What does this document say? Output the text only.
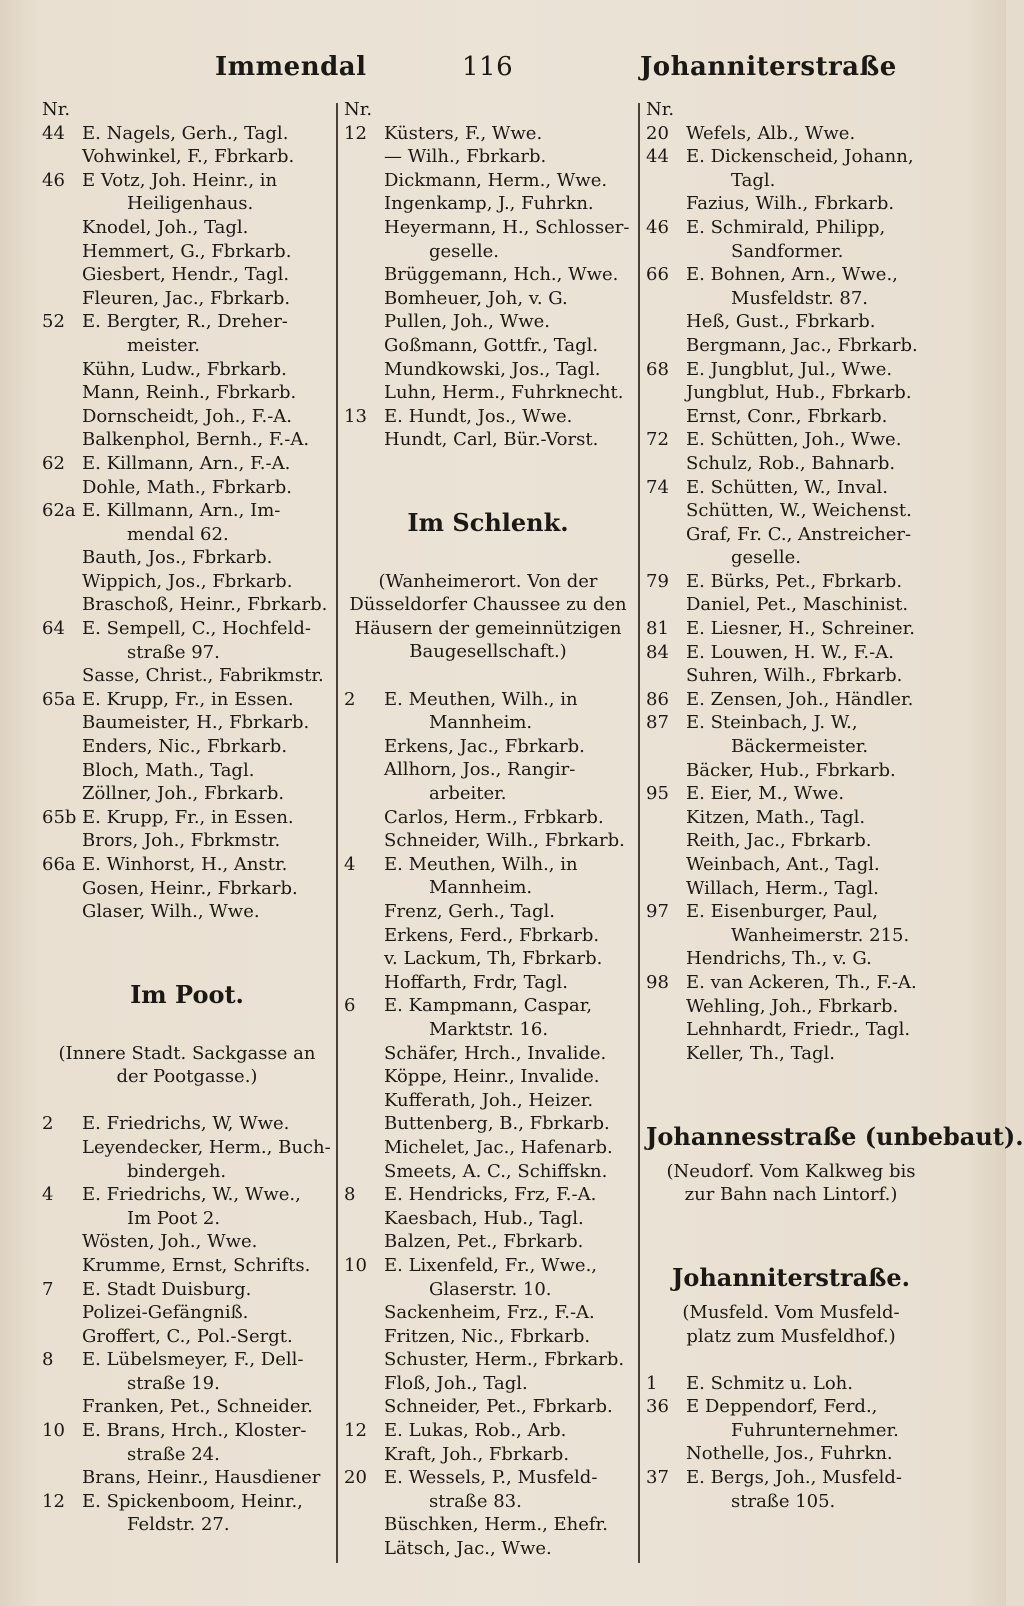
Immendal	116	Johanniterstraße
Nr.
44 E. Nagels, Gerh., Tagl.
Vohwinkel, F., Fbrkarb.
46 E Votz, Joh. Heinr., in
Heiligenhaus.
Knodel, Joh., Tagl.
Hemmert, G., Fbrkarb.
Giesbert, Hendr., Tagl.
Fleuren, Jac., Fbrkarb.
52 E. Bergter, R., Dreher-
meister.
Kühn, Ludw., Fbrkarb.
Mann, Reinh., Fbrkarb.
Dornscheidt, Joh., F.-A.
Balkenphol, Bernh., F.-A.
62 E. Killmann, Arn., F.-A.
Dohle, Math., Fbrkarb.
62a E. Killmann, Arn., Im-
mendal 62.
Bauth, Jos., Fbrkarb.
Wippich, Jos., Fbrkarb.
Braschoß, Heinr., Fbrkarb.
64 E. Sempell, C., Hochfeld-
straße 97.
Sasse, Christ., Fabrikmstr.
65a E. Krupp, Fr., in Essen.
Baumeister, H., Fbrkarb.
Enders, Nic., Fbrkarb.
Bloch, Math., Tagl.
Zöllner, Joh., Fbrkarb.
65b E. Krupp, Fr., in Essen.
Brors, Joh., Fbrkmstr.
66a E. Winhorst, H., Anstr.
Gosen, Heinr., Fbrkarb.
Glaser, Wilh., Wwe.
Im Poot.
(Innere Stadt. Sackgasse an
der Pootgasse.)
2	E. Friedrichs, W, Wwe.
Leyendecker, Herm., Buch-
bindergeh.
4	E. Friedrichs, W., Wwe.,
Im Poot 2.
Wösten, Joh., Wwe.
Krumme, Ernst, Schrifts.
7	E. Stadt Duisburg.
Polizei-Gefängniß.
Groffert, C., Pol.-Sergt.
8	E. Lübelsmeyer, F., Dell-
straße 19.
Franken, Pet., Schneider.
10 E. Brans, Hrch., Kloster-
straße 24.
Brans, Heinr., Hausdiener
12 E. Spickenboom, Heinr.,
Feldstr. 27.
Nr.
12 Küsters, F., Wwe.
— Wilh., Fbrkarb.
Dickmann, Herm., Wwe.
Ingenkamp, J., Fuhrkn.
Heyermann, H., Schlosser-
geselle.
Brüggemann, Hch., Wwe.
Bomheuer, Joh, v. G.
Pullen, Joh., Wwe.
Goßmann, Gottfr., Tagl.
Mundkowski, Jos., Tagl.
Luhn, Herm., Fuhrknecht.
13 E. Hundt, Jos., Wwe.
Hundt, Carl, Bür.-Vorst.
Im Schlenk.
(Wanheimerort. Von der
Düsseldorfer Chaussee zu den
Häusern der gemeinnützigen
Baugesellschaft.)
2	E. Meuthen, Wilh., in
Mannheim.
Erkens, Jac., Fbrkarb.
Allhorn, Jos., Rangir-
arbeiter.
Carlos, Herm., Frbkarb.
Schneider, Wilh., Fbrkarb.
4	E. Meuthen, Wilh., in
Mannheim.
Frenz, Gerh., Tagl.
Erkens, Ferd., Fbrkarb.
v. Lackum, Th, Fbrkarb.
Hoffarth, Frdr, Tagl.
6	E. Kampmann, Caspar,
Marktstr. 16.
Schäfer, Hrch., Invalide.
Köppe, Heinr., Invalide.
Kufferath, Joh., Heizer.
Buttenberg, B., Fbrkarb.
Michelet, Jac., Hafenarb.
Smeets, A. C., Schiffskn.
8	E. Hendricks, Frz, F.-A.
Kaesbach, Hub., Tagl.
Balzen, Pet., Fbrkarb.
10 E. Lixenfeld, Fr., Wwe.,
Glaserstr. 10.
Sackenheim, Frz., F.-A.
Fritzen, Nic., Fbrkarb.
Schuster, Herm., Fbrkarb.
Floß, Joh., Tagl.
Schneider, Pet., Fbrkarb.
12 E. Lukas, Rob., Arb.
Kraft, Joh., Fbrkarb.
20 E. Wessels, P., Musfeld-
straße 83.
Büschken, Herm., Ehefr.
Lätsch, Jac., Wwe.
Nr.
20 Wefels, Alb., Wwe.
44 E. Dickenscheid, Johann,
Tagl.
Fazius, Wilh., Fbrkarb.
46 E. Schmirald, Philipp,
Sandformer.
66 E. Bohnen, Arn., Wwe.,
Musfeldstr. 87.
Heß, Gust., Fbrkarb.
Bergmann, Jac., Fbrkarb.
68 E. Jungblut, Jul., Wwe.
Jungblut, Hub., Fbrkarb.
Ernst, Conr., Fbrkarb.
72 E. Schütten, Joh., Wwe.
Schulz, Rob., Bahnarb.
74 E. Schütten, W., Inval.
Schütten, W., Weichenst.
Graf, Fr. C., Anstreicher-
geselle.
79 E. Bürks, Pet., Fbrkarb.
Daniel, Pet., Maschinist.
81 E. Liesner, H., Schreiner.
84 E. Louwen, H. W., F.-A.
Suhren, Wilh., Fbrkarb.
86 E. Zensen, Joh., Händler.
87 E. Steinbach, J. W.,
Bäckermeister.
Bäcker, Hub., Fbrkarb.
95 E. Eier, M., Wwe.
Kitzen, Math., Tagl.
Reith, Jac., Fbrkarb.
Weinbach, Ant., Tagl.
Willach, Herm., Tagl.
97 E. Eisenburger, Paul,
Wanheimerstr. 215.
Hendrichs, Th., v. G.
98 E. van Ackeren, Th., F.-A.
Wehling, Joh., Fbrkarb.
Lehnhardt, Friedr., Tagl.
Keller, Th., Tagl.
Johannesstraße (unbebaut).
(Neudorf. Vom Kalkweg bis
zur Bahn nach Lintorf.)
Johanniterstraße.
(Musfeld. Vom Musfeld-
platz zum Musfeldhof.)
1	E. Schmitz u. Loh.
36 E Deppendorf, Ferd.,
Fuhrunternehmer.
Nothelle, Jos., Fuhrkn.
37 E. Bergs, Joh., Musfeld-
straße 105.
